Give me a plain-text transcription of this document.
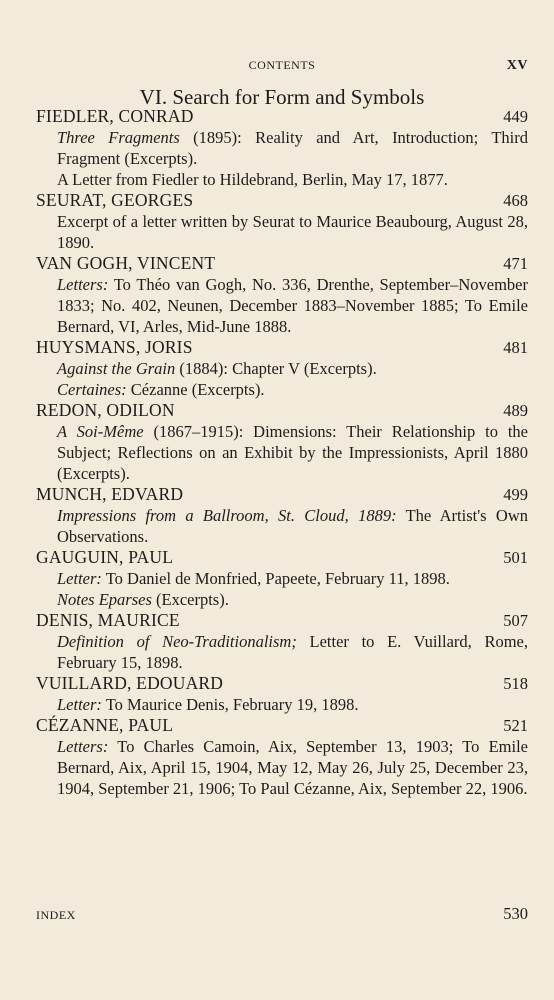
CONTENTS	XV
VI. Search for Form and Symbols
FIEDLER, CONRAD	449

Three Fragments (1895): Reality and Art, Introduction; Third Fragment (Excerpts).

A Letter from Fiedler to Hildebrand, Berlin, May 17, 1877.

SEURAT, GEORGES	468

Excerpt of a letter written by Seurat to Maurice Beaubourg, August 28, 1890.

VAN GOGH, VINCENT	471

Letters: To Théo van Gogh, No. 336, Drenthe, September–November 1833; No. 402, Neunen, December 1883–November 1885; To Emile Bernard, VI, Arles, Mid-June 1888.

HUYSMANS, JORIS	481

Against the Grain (1884): Chapter V (Excerpts).

Certaines: Cézanne (Excerpts).

REDON, ODILON	489

A Soi-Même (1867–1915): Dimensions: Their Relationship to the Subject; Reflections on an Exhibit by the Impressionists, April 1880 (Excerpts).

MUNCH, EDVARD	499

Impressions from a Ballroom, St. Cloud, 1889: The Artist's Own Observations.

GAUGUIN, PAUL	501

Letter: To Daniel de Monfried, Papeete, February 11, 1898.

Notes Eparses (Excerpts).

DENIS, MAURICE	507

Definition of Neo-Traditionalism; Letter to E. Vuillard, Rome, February 15, 1898.

VUILLARD, EDOUARD	518

Letter: To Maurice Denis, February 19, 1898.

CÉZANNE, PAUL	521

Letters: To Charles Camoin, Aix, September 13, 1903; To Emile Bernard, Aix, April 15, 1904, May 12, May 26, July 25, December 23, 1904, September 21, 1906; To Paul Cézanne, Aix, September 22, 1906.

INDEX	530
